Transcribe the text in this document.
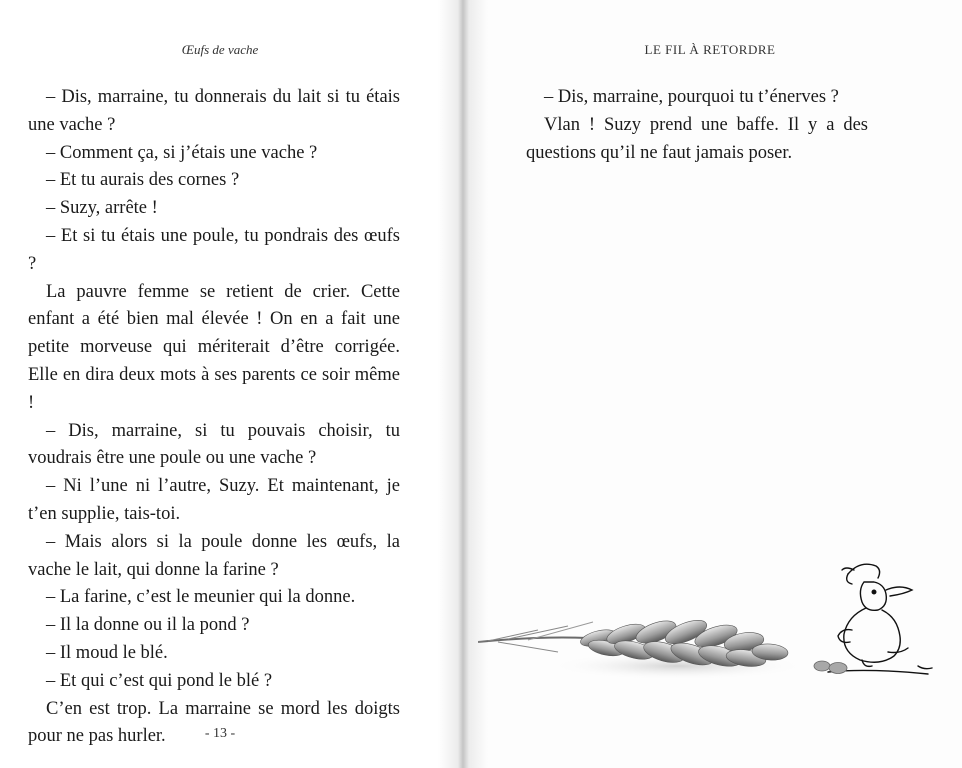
Œufs de vache

– Dis, marraine, tu donnerais du lait si tu étais une vache ?

– Comment ça, si j’étais une vache ?

– Et tu aurais des cornes ?

– Suzy, arrête !

– Et si tu étais une poule, tu pondrais des œufs ?

La pauvre femme se retient de crier. Cette enfant a été bien mal élevée ! On en a fait une petite morveuse qui mériterait d’être corrigée. Elle en dira deux mots à ses parents ce soir même !

– Dis, marraine, si tu pouvais choisir, tu voudrais être une poule ou une vache ?

– Ni l’une ni l’autre, Suzy. Et maintenant, je t’en supplie, tais-toi.

– Mais alors si la poule donne les œufs, la vache le lait, qui donne la farine ?

– La farine, c’est le meunier qui la donne.

– Il la donne ou il la pond ?

– Il moud le blé.

– Et qui c’est qui pond le blé ?

C’en est trop. La marraine se mord les doigts pour ne pas hurler.	- 13 -
LE FIL À RETORDRE

– Dis, marraine, pourquoi tu t’énerves ?

Vlan ! Suzy prend une baffe. Il y a des questions qu’il ne faut jamais poser.
